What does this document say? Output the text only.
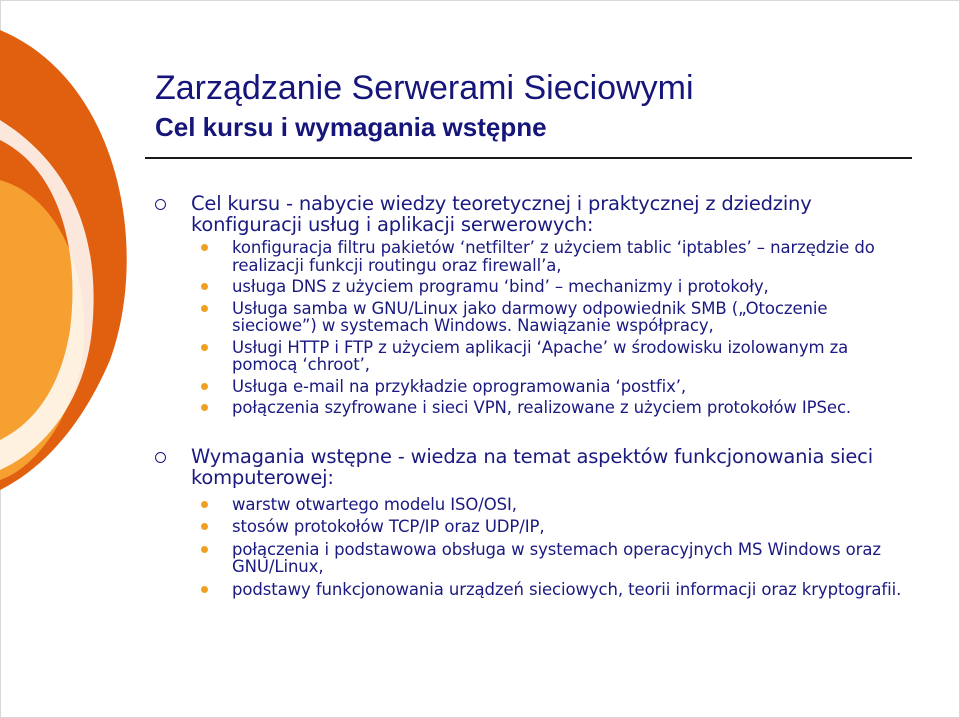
Zarządzanie Serwerami Sieciowymi
Cel kursu i wymagania wstępne
Cel kursu - nabycie wiedzy teoretycznej i praktycznej z dziedziny konfiguracji usług i aplikacji serwerowych:
konfiguracja filtru pakietów ‘netfilter’ z użyciem tablic ‘iptables’ – narzędzie do realizacji funkcji routingu oraz firewall’a,
usługa DNS z użyciem programu ‘bind’ – mechanizmy i protokoły,
Usługa samba w GNU/Linux jako darmowy odpowiednik SMB („Otoczenie sieciowe”) w systemach Windows. Nawiązanie współpracy,
Usługi HTTP i FTP z użyciem aplikacji ‘Apache’ w środowisku izolowanym za pomocą ‘chroot’,
Usługa e-mail na przykładzie oprogramowania ‘postfix’,
połączenia szyfrowane i sieci VPN, realizowane z użyciem protokołów IPSec.
Wymagania wstępne - wiedza na temat aspektów funkcjonowania sieci komputerowej:
warstw otwartego modelu ISO/OSI,
stosów protokołów TCP/IP oraz UDP/IP,
połączenia i podstawowa obsługa w systemach operacyjnych MS Windows oraz GNU/Linux,
podstawy funkcjonowania urządzeń sieciowych, teorii informacji oraz kryptografii.
